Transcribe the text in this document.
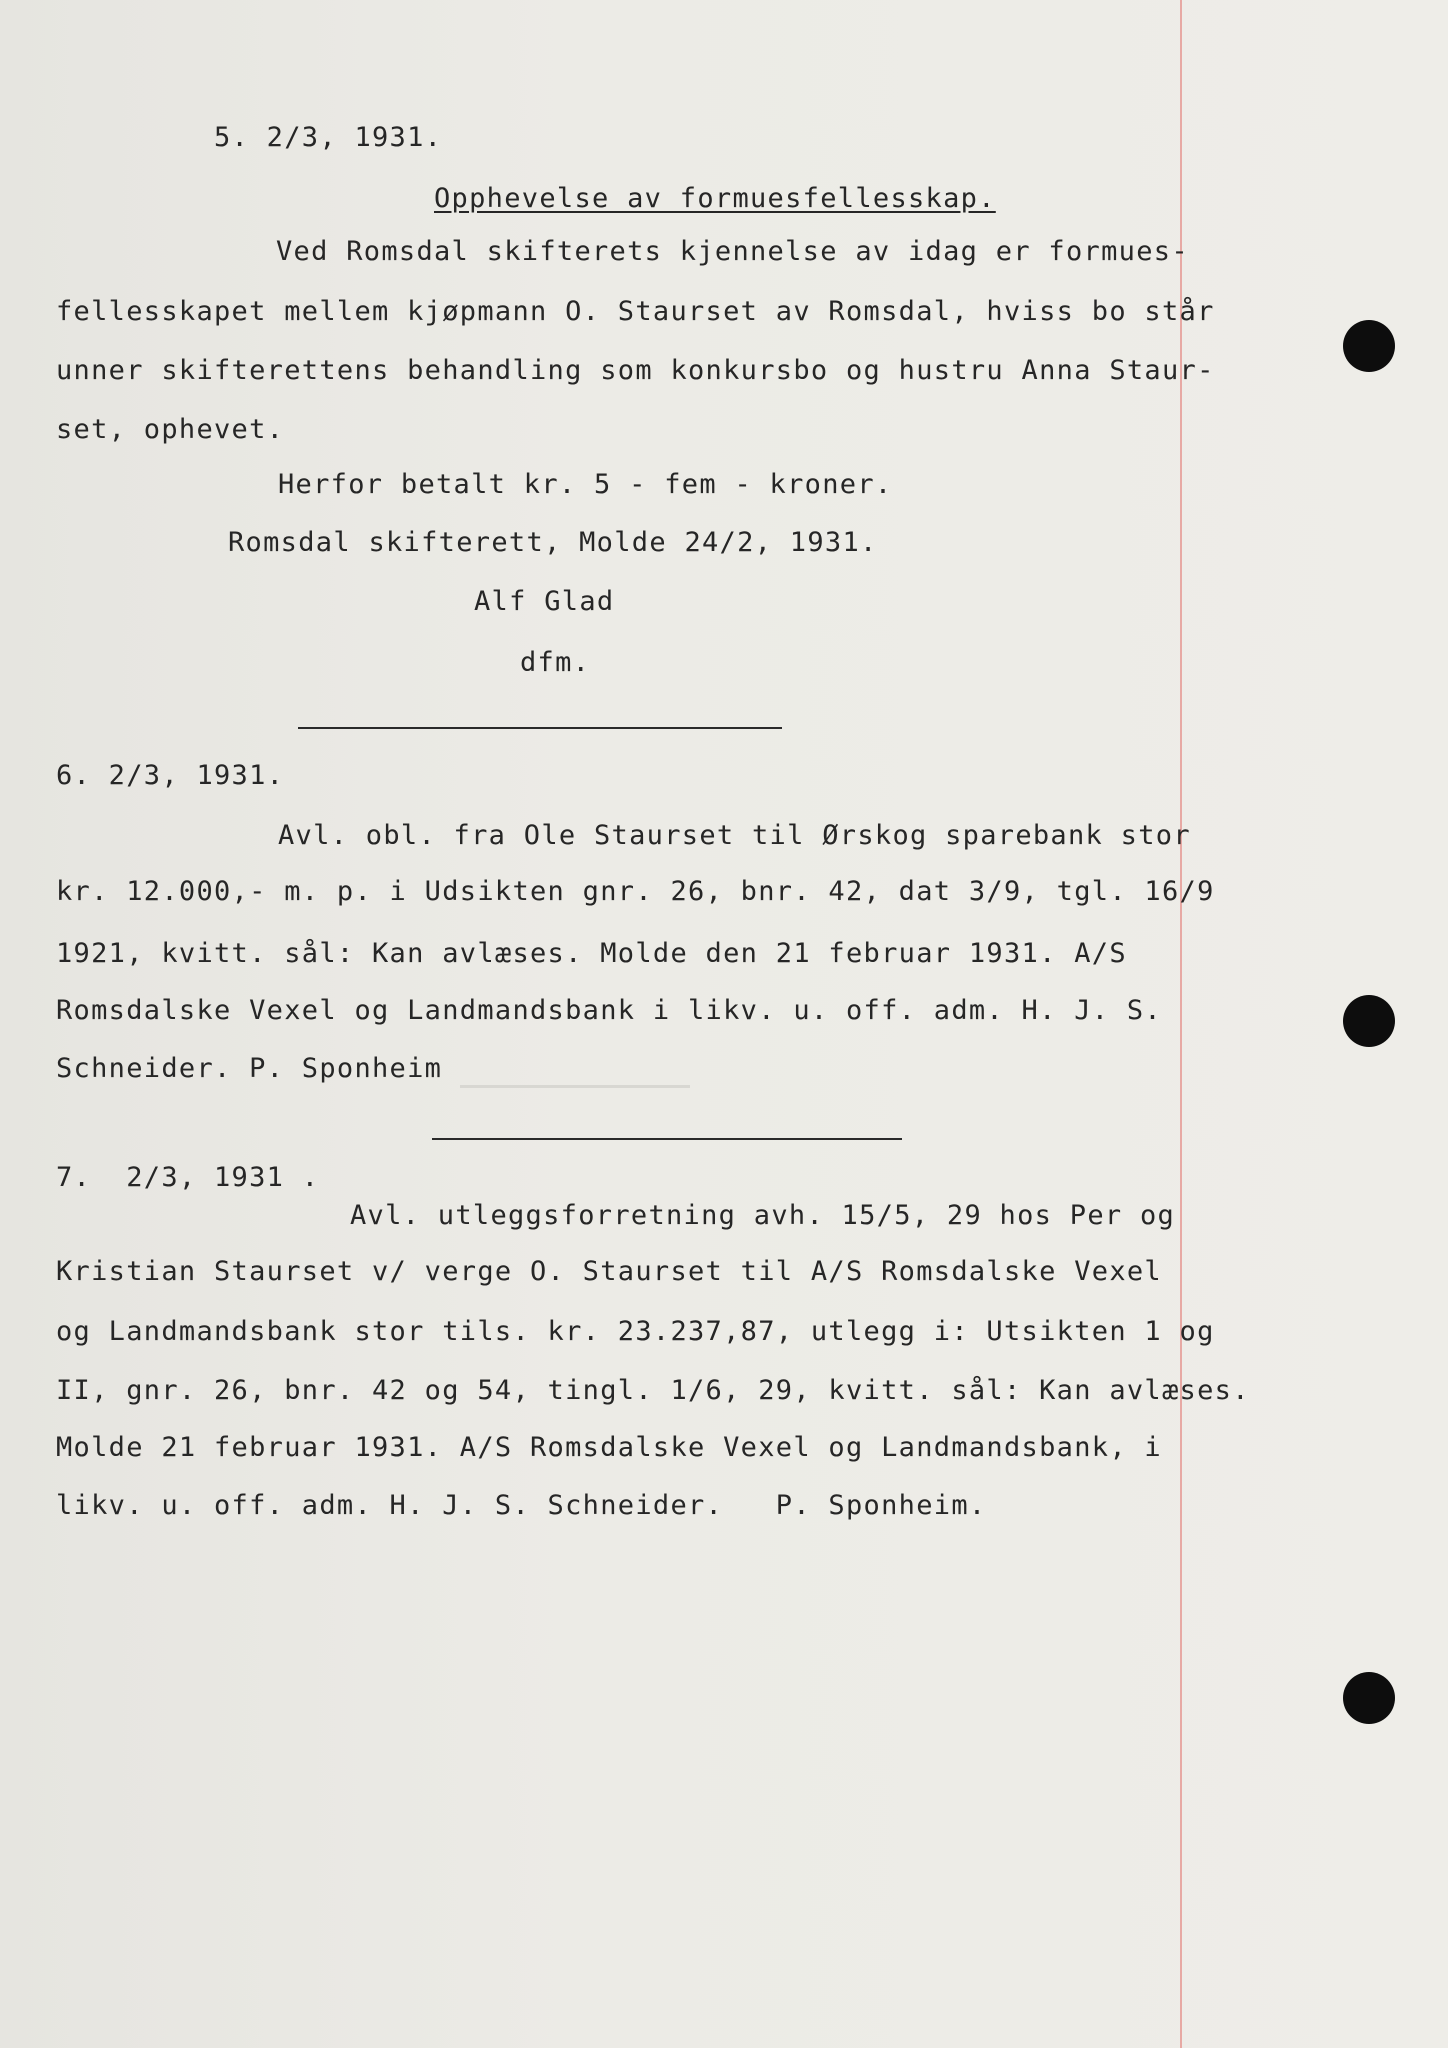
5. 2/3, 1931.
Opphevelse av formuesfellesskap.
Ved Romsdal skifterets kjennelse av idag er formues-
fellesskapet mellem kjøpmann O. Staurset av Romsdal, hviss bo står
unner skifterettens behandling som konkursbo og hustru Anna Staur-
set, ophevet.
Herfor betalt kr. 5 - fem - kroner.
Romsdal skifterett, Molde 24/2, 1931.
Alf Glad
dfm.
6. 2/3, 1931.
Avl. obl. fra Ole Staurset til Ørskog sparebank stor
kr. 12.000,- m. p. i Udsikten gnr. 26, bnr. 42, dat 3/9, tgl. 16/9
1921, kvitt. sål: Kan avlæses. Molde den 21 februar 1931. A/S
Romsdalske Vexel og Landmandsbank i likv. u. off. adm. H. J. S.
Schneider. P. Sponheim
7.  2/3, 1931 .
Avl. utleggsforretning avh. 15/5, 29 hos Per og
Kristian Staurset v/ verge O. Staurset til A/S Romsdalske Vexel
og Landmandsbank stor tils. kr. 23.237,87, utlegg i: Utsikten 1 og
II, gnr. 26, bnr. 42 og 54, tingl. 1/6, 29, kvitt. sål: Kan avlæses.
Molde 21 februar 1931. A/S Romsdalske Vexel og Landmandsbank, i
likv. u. off. adm. H. J. S. Schneider.   P. Sponheim.
